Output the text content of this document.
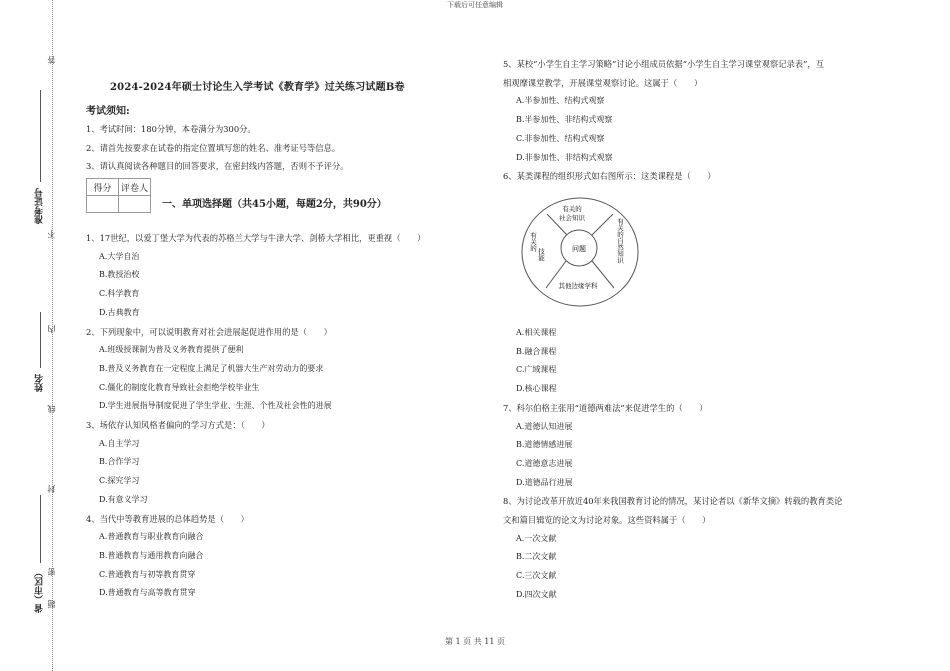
下载后可任意编辑
答
题
不
内
线
封
密
准考证号
姓名
省（市区）
2024-2024年硕士讨论生入学考试《教育学》过关练习试题B卷
考试须知:
1、考试时间：180分钟，本卷满分为300分。
2、请首先按要求在试卷的指定位置填写您的姓名、准考证号等信息。
3、请认真阅读各种题目的回答要求，在密封线内答题，否则不予评分。
得分	评卷人

一、单项选择题（共45小题，每题2分，共90分）
1、17世纪，以爱丁堡大学为代表的苏格兰大学与牛津大学、剑桥大学相比，更重视（　　）
A.大学自治
B.教授治校
C.科学教育
D.古典教育
2、下列现象中，可以说明教育对社会进展起促进作用的是（　　）
A.班级授课制为普及义务教育提供了便利
B.普及义务教育在一定程度上满足了机器大生产对劳动力的要求
C.僵化的制度化教育导致社会拒绝学校毕业生
D.学生进展指导制度促进了学生学业、生涯、个性及社会性的进展
3、场依存认知风格者偏向的学习方式是：（　　）
A.自主学习
B.合作学习
C.探究学习
D.有意义学习
4、当代中等教育进展的总体趋势是（　　）
A.普通教育与职业教育向融合
B.普通教育与通用教育向融合
C.普通教育与初等教育贯穿
D.普通教育与高等教育贯穿
5、某校“小学生自主学习策略”讨论小组成员依据“小学生自主学习课堂观察记录表”，互
相观摩课堂教学，开展课堂观察讨论。这属于（　　）
A.半参加性、结构式观察
B.半参加性、非结构式观察
C.非参加性、结构式观察
D.非参加性、非结构式观察
6、某类课程的组织形式如右图所示：这类课程是（　　）
问题
有关的
社会知识	有关的自然知识
其他边缘学科
有关的
技能
A.相关课程
B.融合课程
C.广域课程
D.核心课程
7、科尔伯格主张用“道德两难法”来促进学生的（　　）
A.道德认知进展
B.道德情感进展
C.道德意志进展
D.道德品行进展
8、为讨论改革开放近40年来我国教育讨论的情况，某讨论者以《新华文摘》转载的教育类论
文和篇目辑览的论文为讨论对象。这些资料属于（　　）
A.一次文献
B.二次文献
C.三次文献
D.四次文献
第 1 页 共 11 页
